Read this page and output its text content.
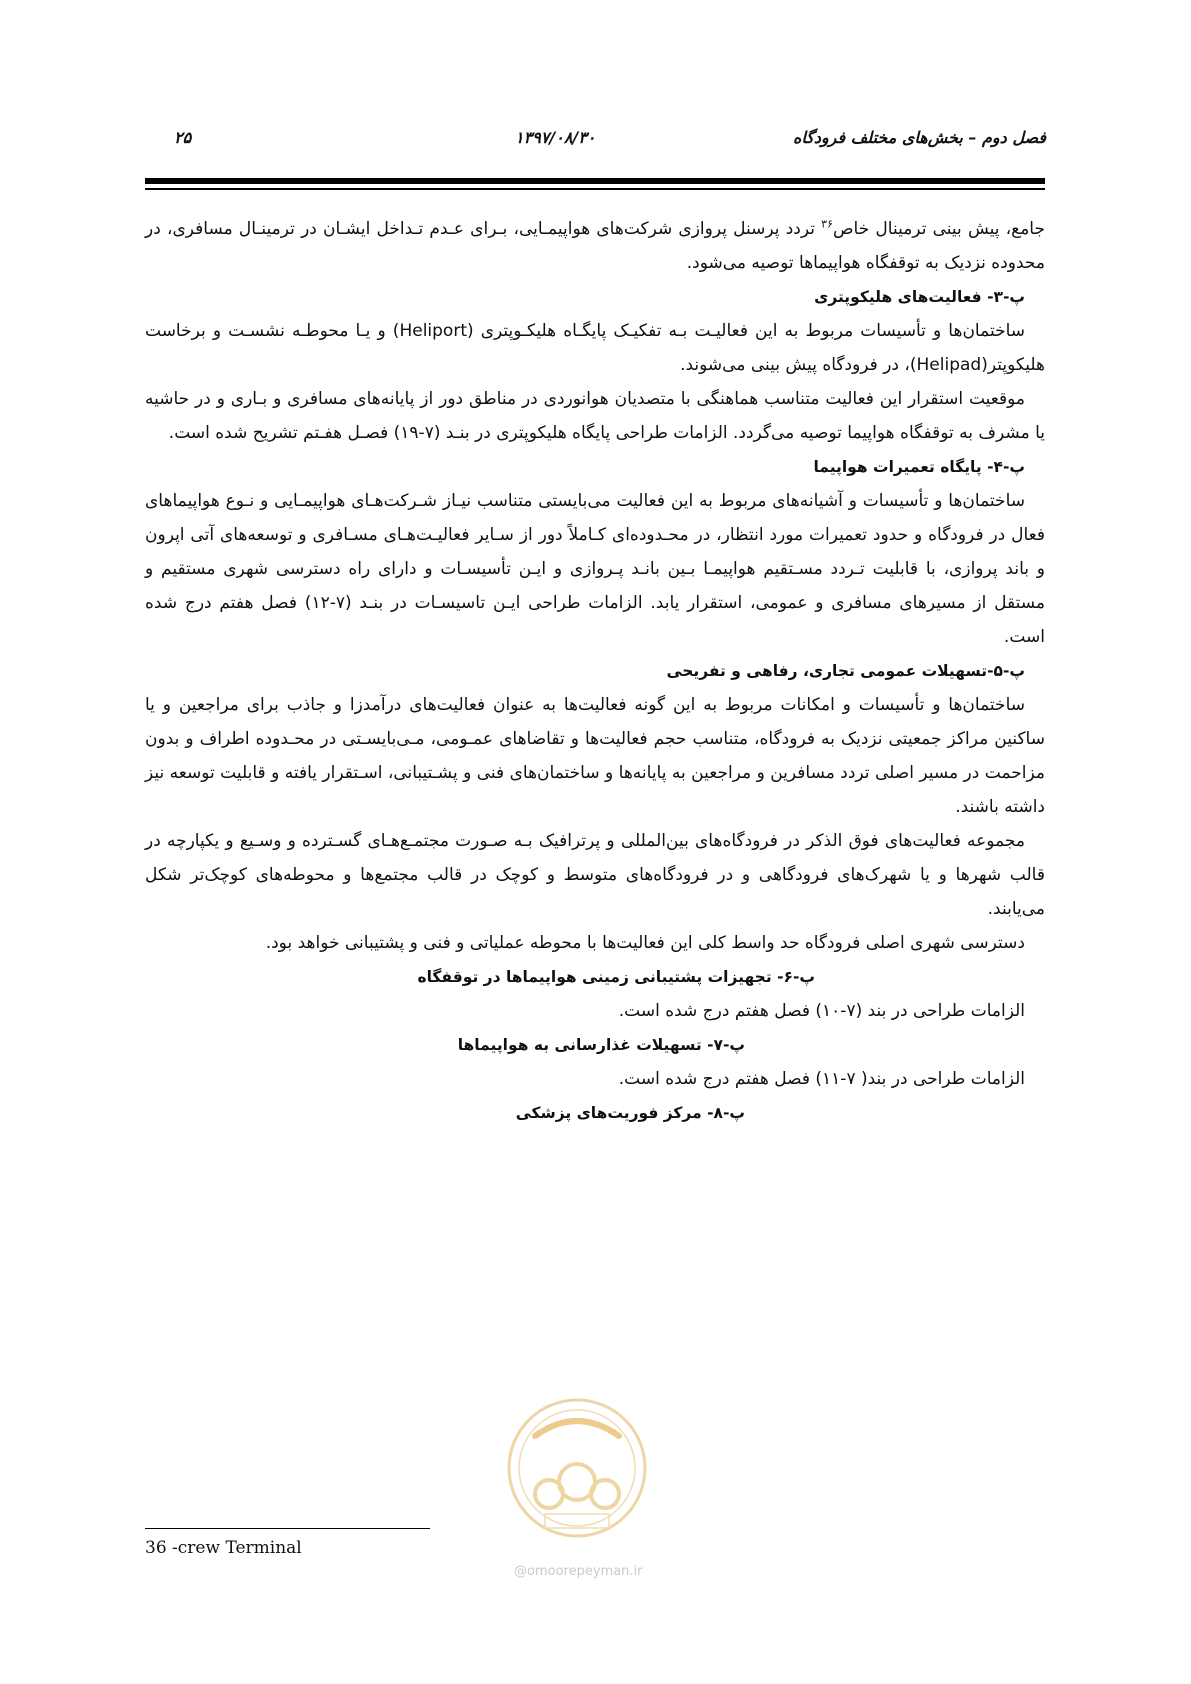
فصل دوم – بخش‌های مختلف فرودگاه
۱۳۹۷/۰۸/۳۰
۲۵

جامع، پیش بینی ترمینال خاص$^{۳۶}$ تردد پرسنل پروازی شرکت‌های هواپیمـایی، بـرای عـدم تـداخل ایشـان در ترمینـال مسافری، در محدوده نزدیک به توقفگاه هواپیماها توصیه می‌شود.

پ-۳- فعالیت‌های هلیکوپتری

ساختمان‌ها و تأسیسات مربوط به این فعالیـت بـه تفکیـک پایگـاه هلیکـوپتری (Heliport) و یـا محوطـه نشسـت و برخاست هلیکوپتر(Helipad)، در فرودگاه پیش بینی می‌شوند.

موقعیت استقرار این فعالیت متناسب هماهنگی با متصدیان هوانوردی در مناطق دور از پایانه‌های مسافری و بـاری و در حاشیه یا مشرف به توقفگاه هواپیما توصیه می‌گردد. الزامات طراحی پایگاه هلیکوپتری در بنـد (۷-۱۹) فصـل هفـتم تشریح شده است.

پ-۴- پایگاه تعمیرات هواپیما

ساختمان‌ها و تأسیسات و آشیانه‌های مربوط به این فعالیت می‌بایستی متناسب نیـاز شـرکت‌هـای هواپیمـایی و نـوع هواپیماهای فعال در فرودگاه و حدود تعمیرات مورد انتظار، در محـدوده‌ای کـاملاً دور از سـایر فعالیـت‌هـای مسـافری و توسعه‌های آتی اپرون و باند پروازی، با قابلیت تـردد مسـتقیم هواپیمـا بـین بانـد پـروازی و ایـن تأسیسـات و دارای راه دسترسی شهری مستقیم و مستقل از مسیرهای مسافری و عمومی، استقرار یابد. الزامات طراحی ایـن تاسیسـات در بنـد (۷-۱۲) فصل هفتم درج شده است.

پ-۵-تسهیلات عمومی تجاری، رفاهی و تفریحی

ساختمان‌ها و تأسیسات و امکانات مربوط به این گونه فعالیت‌ها به عنوان فعالیت‌های درآمدزا و جاذب برای مراجعین و یا ساکنین مراکز جمعیتی نزدیک به فرودگاه، متناسب حجم فعالیت‌ها و تقاضاهای عمـومی، مـی‌بایسـتی در محـدوده اطراف و بدون مزاحمت در مسیر اصلی تردد مسافرین و مراجعین به پایانه‌ها و ساختمان‌های فنی و پشـتیبانی، اسـتقرار یافته و قابلیت توسعه نیز داشته باشند.

مجموعه فعالیت‌های فوق الذکر در فرودگاه‌های بین‌المللی و پرترافیک بـه صـورت مجتمـع‌هـای گسـترده و وسـیع و یکپارچه در قالب شهرها و یا شهرک‌های فرودگاهی و در فرودگاه‌های متوسط و کوچک در قالب مجتمع‌ها و محوطه‌های کوچک‌تر شکل می‌یابند.

دسترسی شهری اصلی فرودگاه حد واسط کلی این فعالیت‌ها با محوطه عملیاتی و فنی و پشتیبانی خواهد بود.

پ-۶- تجهیزات پشتیبانی زمینی هواپیماها در توقفگاه

الزامات طراحی در بند (۷-۱۰) فصل هفتم درج شده است.

پ-۷- تسهیلات غذارسانی به هواپیماها

الزامات طراحی در بند( ۷-۱۱) فصل هفتم درج شده است.

پ-۸- مرکز فوریت‌های پزشکی
@omoorepeyman.ir
36 -crew Terminal
